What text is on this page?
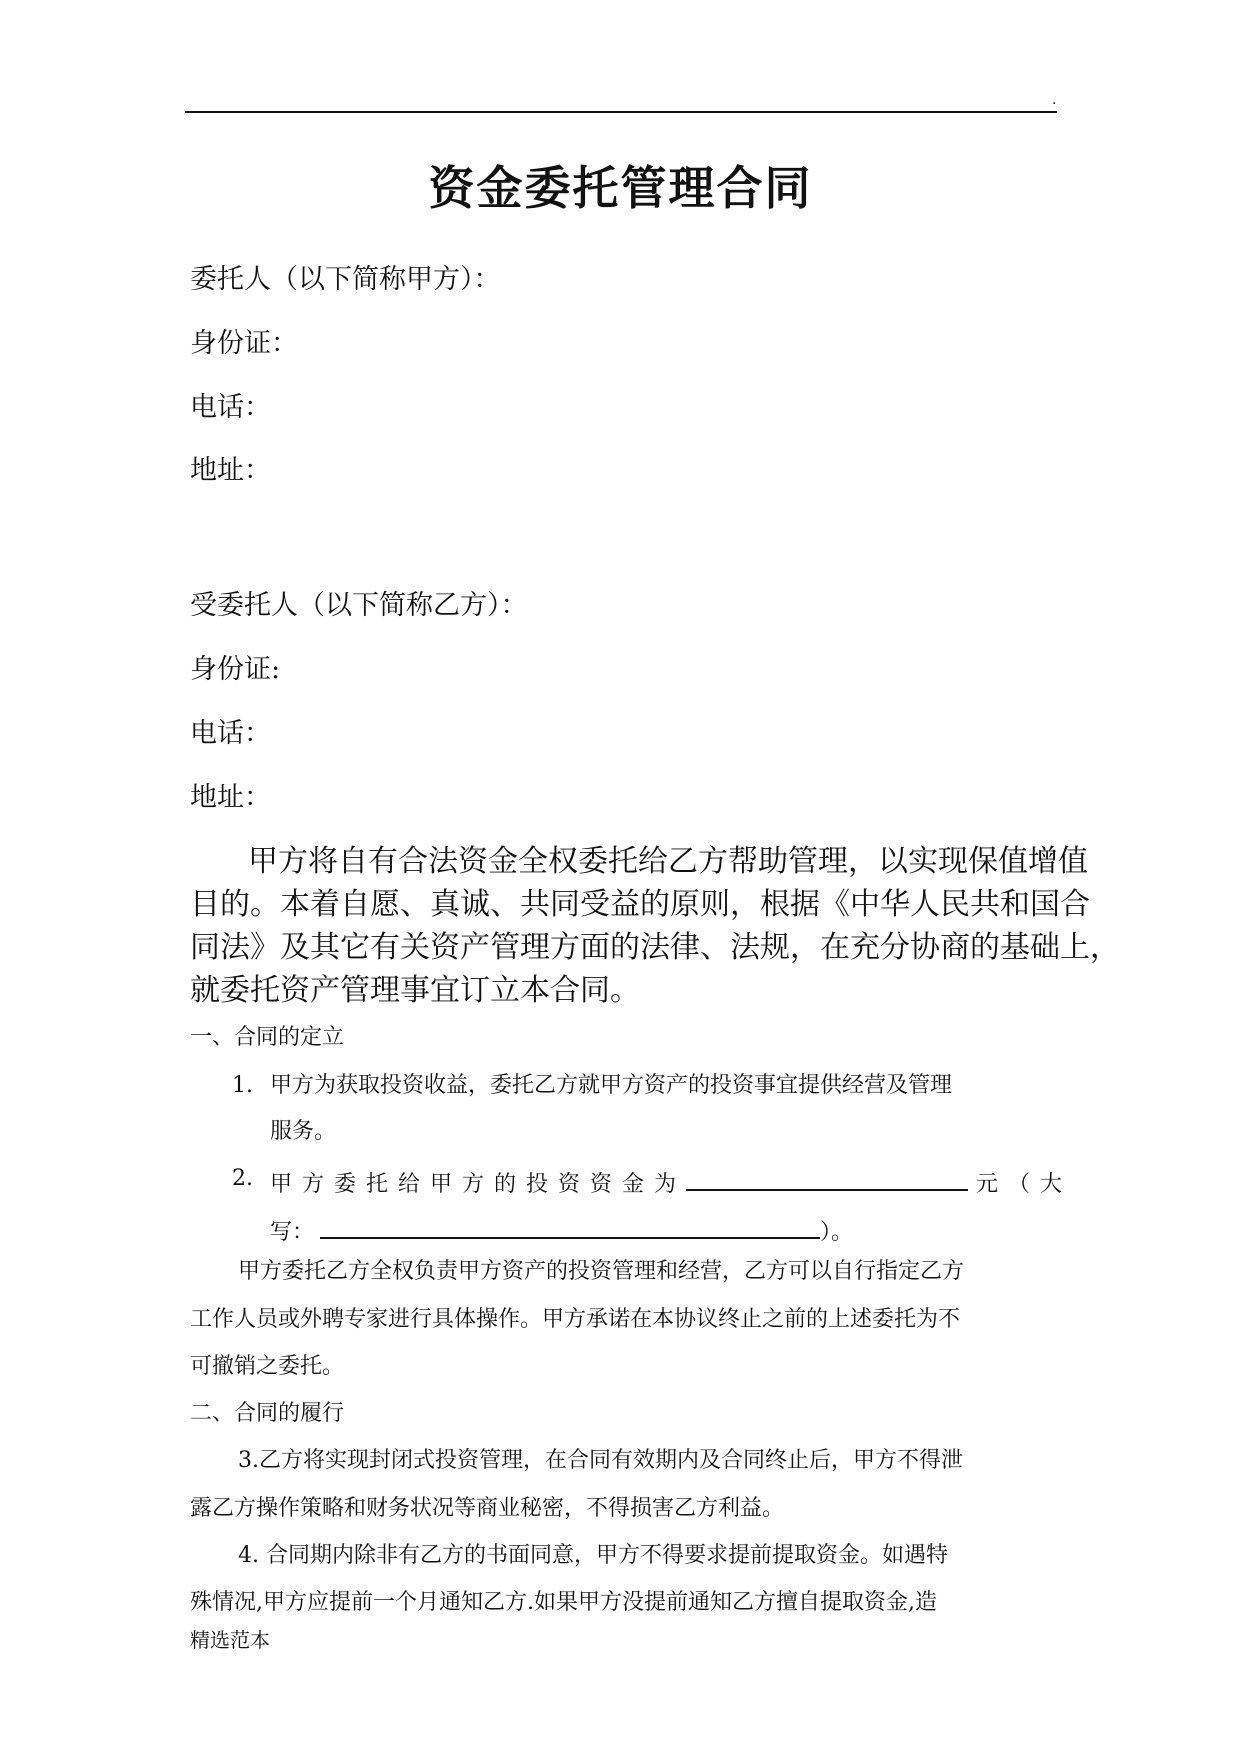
.
资金委托管理合同
委托人（以下简称甲方）：
身份证：
电话：
地址：
受委托人（以下简称乙方）：
身份证:
电话：
地址：
甲方将自有合法资金全权委托给乙方帮助管理，以实现保值增值
目的。本着自愿、真诚、共同受益的原则，根据《中华人民共和国合
同法》及其它有关资产管理方面的法律、法规，在充分协商的基础上，
就委托资产管理事宜订立本合同。
一、合同的定立
1. 甲方为获取投资收益，委托乙方就甲方资产的投资事宜提供经营及管理
服务。
2. 甲方委托给甲方的投资资金为	元（大
写：	）。
甲方委托乙方全权负责甲方资产的投资管理和经营，乙方可以自行指定乙方
工作人员或外聘专家进行具体操作。甲方承诺在本协议终止之前的上述委托为不
可撤销之委托。
二、合同的履行
3.乙方将实现封闭式投资管理，在合同有效期内及合同终止后，甲方不得泄
露乙方操作策略和财务状况等商业秘密，不得损害乙方利益。
4. 合同期内除非有乙方的书面同意，甲方不得要求提前提取资金。如遇特
殊情况,甲方应提前一个月通知乙方.如果甲方没提前通知乙方擅自提取资金,造
精选范本
